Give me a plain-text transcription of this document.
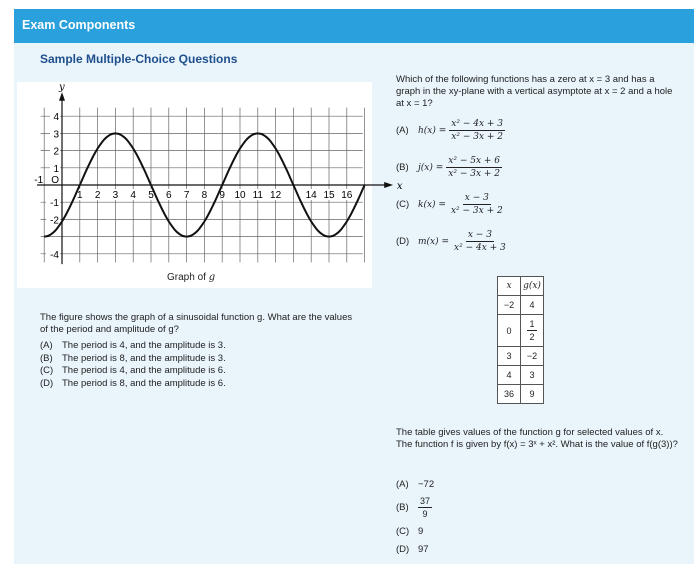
Exam Components
Sample Multiple-Choice Questions
x
y
1 2 3 4 5 6 7 8 9 10 11 12 14 15 16
O
-1
1
2
3
4
-1
-2
-4
Graph of g
The figure shows the graph of a sinusoidal function g. What are the values of the period and amplitude of g?
(A) The period is 4, and the amplitude is 3.
(B) The period is 8, and the amplitude is 3.
(C) The period is 4, and the amplitude is 6.
(D) The period is 8, and the amplitude is 6.
Which of the following functions has a zero at x = 3 and has a graph in the xy-plane with a vertical asymptote at x = 2 and a hole at x = 1?
(A)	$h(x) = \frac{\text{x² − 4x + 3}}{\text{x² − 3x + 2}}$
(B)	$j(x) = \frac{\text{x² − 5x + 6}}{\text{x² − 3x + 2}}$
(C) $k(x) = \frac{x - 3}{\text{x² − 3x + 2}}$
(D) $m(x) = \frac{x - 3}{\text{x² − 4x + 3}}$
x	g(x)
−2	4
0	$\frac{1}{2}$

3	−2
4	3
36	9
The table gives values of the function g for selected values of x. The function f is given by f(x) = 3ˣ + x². What is the value of f(g(3))?
(A) −72
(B)	$\frac{37}{9}$
(C) 9
(D) 97
